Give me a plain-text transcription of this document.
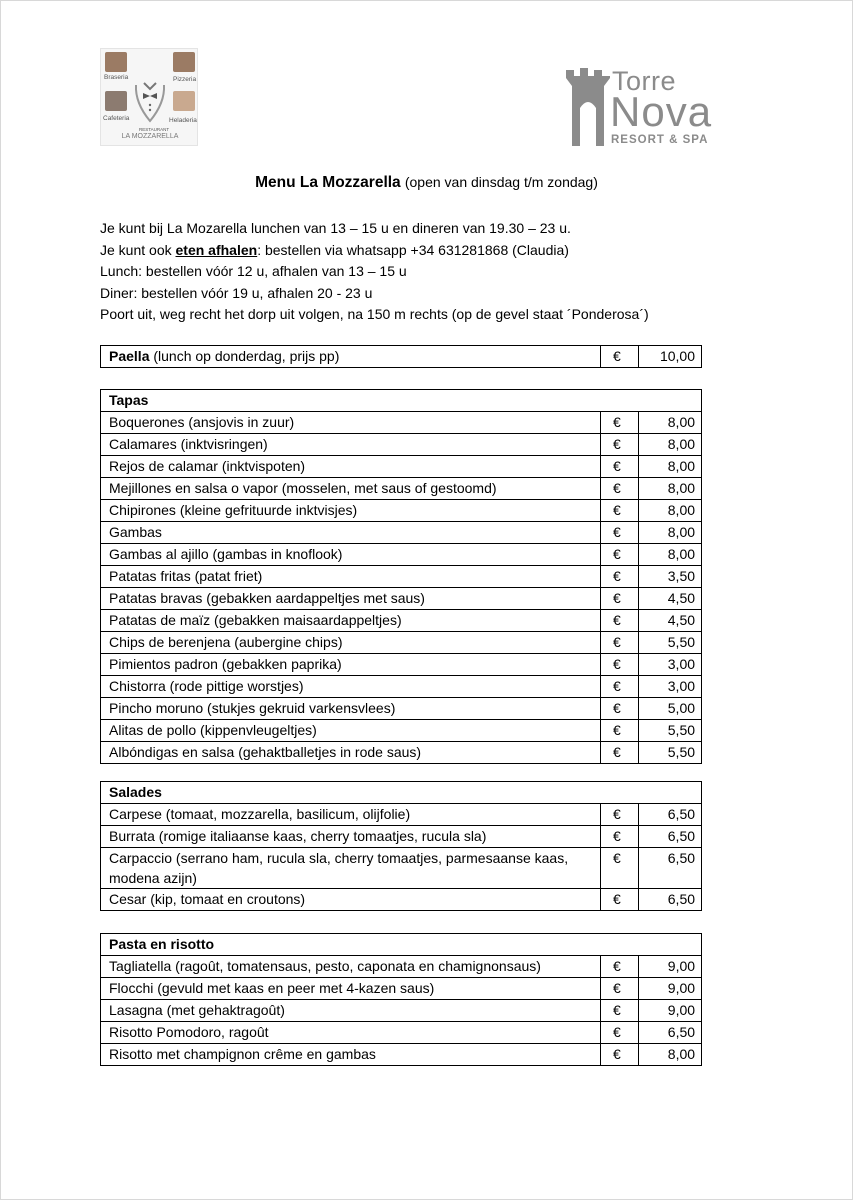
Braseria	Pizzeria
Cafeteria	Heladeria
RESTAURANT
LA MOZZARELLA
Torre
Nova
RESORT & SPA
Menu La Mozzarella (open van dinsdag t/m zondag)

Je kunt bij La Mozarella lunchen van 13 – 15 u en dineren van 19.30 – 23 u.

Je kunt ook eten afhalen: bestellen via whatsapp +34 631281868 (Claudia)

Lunch: bestellen vóór 12 u, afhalen van 13 – 15 u

Diner: bestellen vóór 19 u, afhalen 20 - 23 u

Poort uit, weg recht het dorp uit volgen, na 150 m rechts (op de gevel staat ´Ponderosa´)

Paella (lunch op donderdag, prijs pp)	€	10,00
Tapas		
Boquerones (ansjovis in zuur)	€	8,00
Calamares (inktvisringen)	€	8,00
Rejos de calamar (inktvispoten)	€	8,00
Mejillones en salsa o vapor (mosselen, met saus of gestoomd)	€	8,00
Chipirones (kleine gefrituurde inktvisjes)	€	8,00
Gambas	€	8,00
Gambas al ajillo (gambas in knoflook)	€	8,00
Patatas fritas (patat friet)	€	3,50
Patatas bravas (gebakken aardappeltjes met saus)	€	4,50
Patatas de maïz (gebakken maisaardappeltjes)	€	4,50
Chips de berenjena (aubergine chips)	€	5,50
Pimientos padron (gebakken paprika)	€	3,00
Chistorra (rode pittige worstjes)	€	3,00
Pincho moruno (stukjes gekruid varkensvlees)	€	5,00
Alitas de pollo (kippenvleugeltjes)	€	5,50
Albóndigas en salsa (gehaktballetjes in rode saus)	€	5,50
Salades		
Carpese (tomaat, mozzarella, basilicum, olijfolie)	€	6,50
Burrata (romige italiaanse kaas, cherry tomaatjes, rucula sla)	€	6,50
Carpaccio (serrano ham, rucula sla, cherry tomaatjes, parmesaanse kaas, modena azijn)	€	6,50
Cesar (kip, tomaat en croutons)	€	6,50
Pasta en risotto		
Tagliatella (ragoût, tomatensaus, pesto, caponata en chamignonsaus)	€	9,00
Flocchi (gevuld met kaas en peer met 4-kazen saus)	€	9,00
Lasagna (met gehaktragoût)	€	9,00
Risotto Pomodoro, ragoût	€	6,50
Risotto met champignon crême en gambas	€	8,00
